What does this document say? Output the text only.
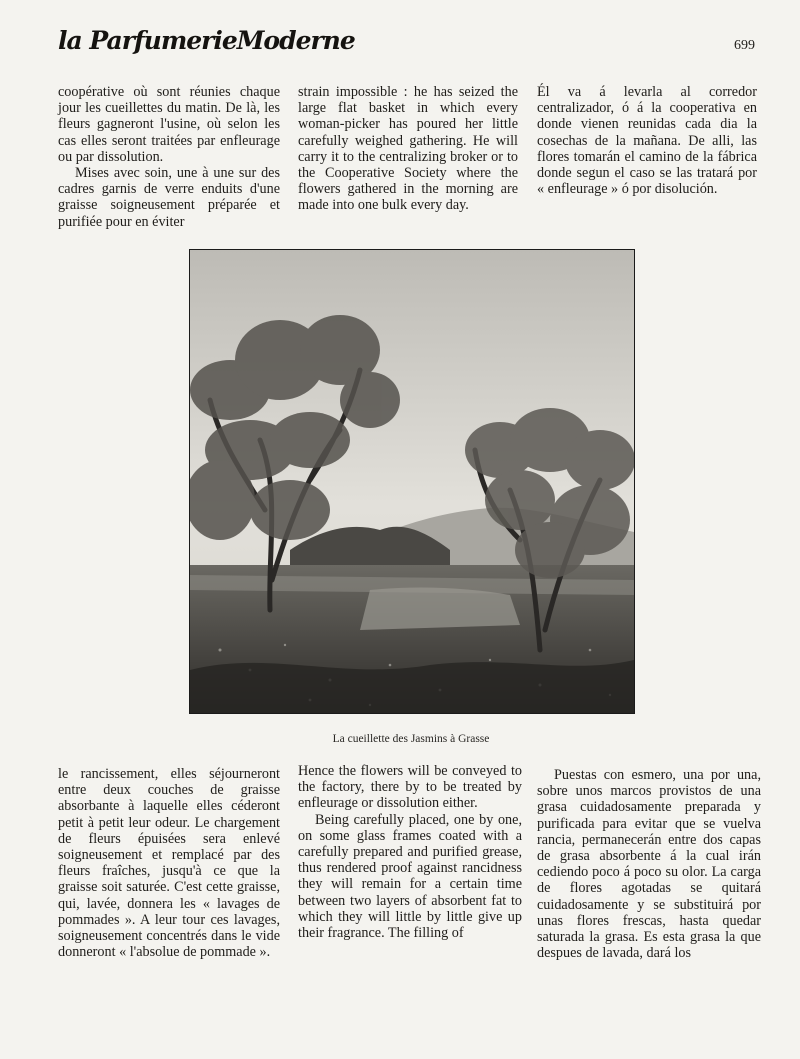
la ParfumerieModerne	699

coopérative où sont réunies chaque jour les cueillettes du matin. De là, les fleurs gagneront l'usine, où selon les cas elles seront traitées par enfleurage ou par dissolution.

Mises avec soin, une à une sur des cadres garnis de verre enduits d'une graisse soigneusement préparée et purifiée pour en éviter

strain impossible : he has seized the large flat basket in which every woman-picker has poured her little carefully weighed gathering. He will carry it to the centralizing broker or to the Cooperative Society where the flowers gathered in the morning are made into one bulk every day.

Él va á levarla al corredor centralizador, ó á la cooperativa en donde vienen reunidas cada dia la cosechas de la mañana. De alli, las flores tomarán el camino de la fábrica donde segun el caso se las tratará por « enfleurage » ó por disolución.

La cueillette des Jasmins à Grasse

le rancissement, elles séjourneront entre deux couches de graisse absorbante à laquelle elles céderont petit à petit leur odeur. Le chargement de fleurs épuisées sera enlevé soigneusement et remplacé par des fleurs fraîches, jusqu'à ce que la graisse soit saturée. C'est cette graisse, qui, lavée, donnera les « lavages de pommades ». A leur tour ces lavages, soigneusement concentrés dans le vide donneront « l'absolue de pommade ».

Hence the flowers will be conveyed to the factory, there by to be treated by enfleurage or dissolution either.

Being carefully placed, one by one, on some glass frames coated with a carefully prepared and purified grease, thus rendered proof against rancidness they will remain for a certain time between two layers of absorbent fat to which they will little by little give up their fragrance. The filling of

Puestas con esmero, una por una, sobre unos marcos provistos de una grasa cuidadosamente preparada y purificada para evitar que se vuelva rancia, permanecerán entre dos capas de grasa absorbente á la cual irán cediendo poco á poco su olor. La carga de flores agotadas se quitará cuidadosamente y se substituirá por unas flores frescas, hasta quedar saturada la grasa. Es esta grasa la que despues de lavada, dará los
